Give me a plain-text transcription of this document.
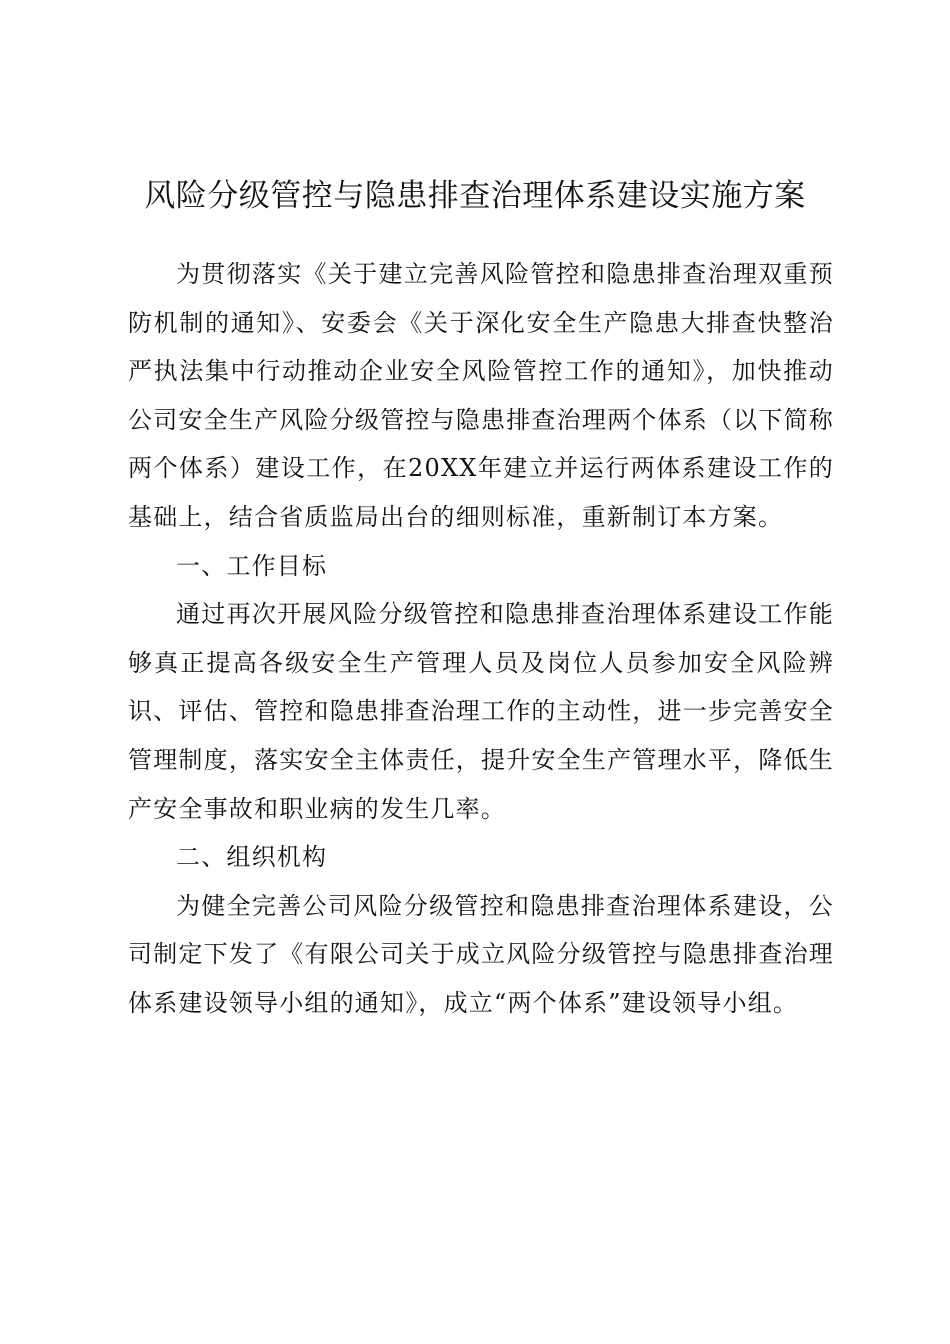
风险分级管控与隐患排查治理体系建设实施方案

为贯彻落实《关于建立完善风险管控和隐患排查治理双重预防机制的通知》、安委会《关于深化安全生产隐患大排查快整治严执法集中行动推动企业安全风险管控工作的通知》，加快推动公司安全生产风险分级管控与隐患排查治理两个体系（以下简称两个体系）建设工作，在20XX年建立并运行两体系建设工作的基础上，结合省质监局出台的细则标准，重新制订本方案。

一、工作目标

通过再次开展风险分级管控和隐患排查治理体系建设工作能够真正提高各级安全生产管理人员及岗位人员参加安全风险辨识、评估、管控和隐患排查治理工作的主动性，进一步完善安全管理制度，落实安全主体责任，提升安全生产管理水平，降低生产安全事故和职业病的发生几率。

二、组织机构

为健全完善公司风险分级管控和隐患排查治理体系建设，公司制定下发了《有限公司关于成立风险分级管控与隐患排查治理体系建设领导小组的通知》，成立“两个体系”建设领导小组。
